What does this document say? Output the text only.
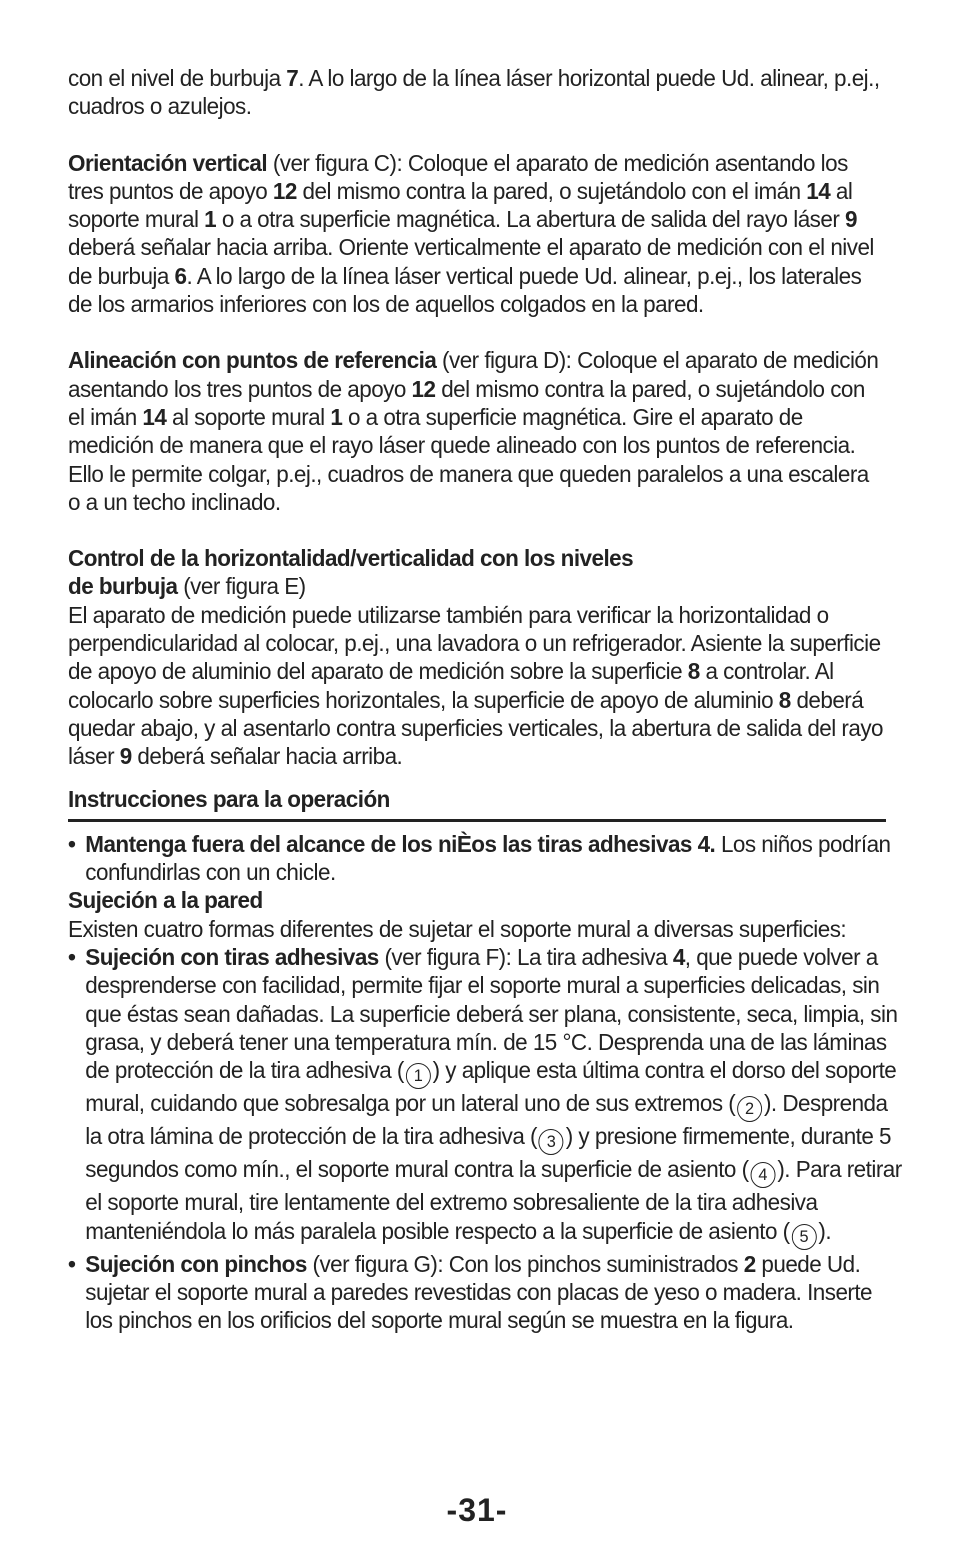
con el nivel de burbuja 7. A lo largo de la línea láser horizontal puede Ud. alinear, p.ej., cuadros o azulejos.

Orientación vertical (ver figura C): Coloque el aparato de medición asentando los tres puntos de apoyo 12 del mismo contra la pared, o sujetándolo con el imán 14 al soporte mural 1 o a otra superficie magnética. La abertura de salida del rayo láser 9 deberá señalar hacia arriba. Oriente verticalmente el aparato de medición con el nivel de burbuja 6. A lo largo de la línea láser vertical puede Ud. alinear, p.ej., los laterales de los armarios inferiores con los de aquellos colgados en la pared.

Alineación con puntos de referencia (ver figura D): Coloque el aparato de medición asentando los tres puntos de apoyo 12 del mismo contra la pared, o sujetándolo con el imán 14 al soporte mural 1 o a otra superficie magnética. Gire el aparato de medición de manera que el rayo láser quede alineado con los puntos de referencia. Ello le permite colgar, p.ej., cuadros de manera que queden paralelos a una escalera o a un techo inclinado.

Control de la horizontalidad/verticalidad con los niveles
de burbuja (ver figura E)

El aparato de medición puede utilizarse también para verificar la horizontalidad o perpendicularidad al colocar, p.ej., una lavadora o un refrigerador. Asiente la superficie de apoyo de aluminio del aparato de medición sobre la superficie 8 a controlar. Al colocarlo sobre superficies horizontales, la superficie de apoyo de aluminio 8 deberá quedar abajo, y al asentarlo contra superficies verticales, la abertura de salida del rayo láser 9 deberá señalar hacia arriba.

Instrucciones para la operación

• Mantenga fuera del alcance de los niÈos las tiras adhesivas 4. Los niños podrían confundirlas con un chicle.

Sujeción a la pared

Existen cuatro formas diferentes de sujetar el soporte mural a diversas superficies:

• Sujeción con tiras adhesivas (ver figura F): La tira adhesiva 4, que puede volver a desprenderse con facilidad, permite fijar el soporte mural a superficies delicadas, sin que éstas sean dañadas. La superficie deberá ser plana, consistente, seca, limpia, sin grasa, y deberá tener una temperatura mín. de 15 °C. Desprenda una de las láminas de protección de la tira adhesiva ( 1 ) y aplique esta última contra el dorso del soporte mural, cuidando que sobresalga por un lateral uno de sus extremos ( 2 ). Desprenda la otra lámina de protección de la tira adhesiva ( 3 ) y presione firmemente, durante 5 segundos como mín., el soporte mural contra la superficie de asiento ( 4 ). Para retirar el soporte mural, tire lentamente del extremo sobresaliente de la tira adhesiva manteniéndola lo más paralela posible respecto a la superficie de asiento ( 5 ).

• Sujeción con pinchos (ver figura G): Con los pinchos suministrados 2 puede Ud. sujetar el soporte mural a paredes revestidas con placas de yeso o madera. Inserte los pinchos en los orificios del soporte mural según se muestra en la figura.

-31-
